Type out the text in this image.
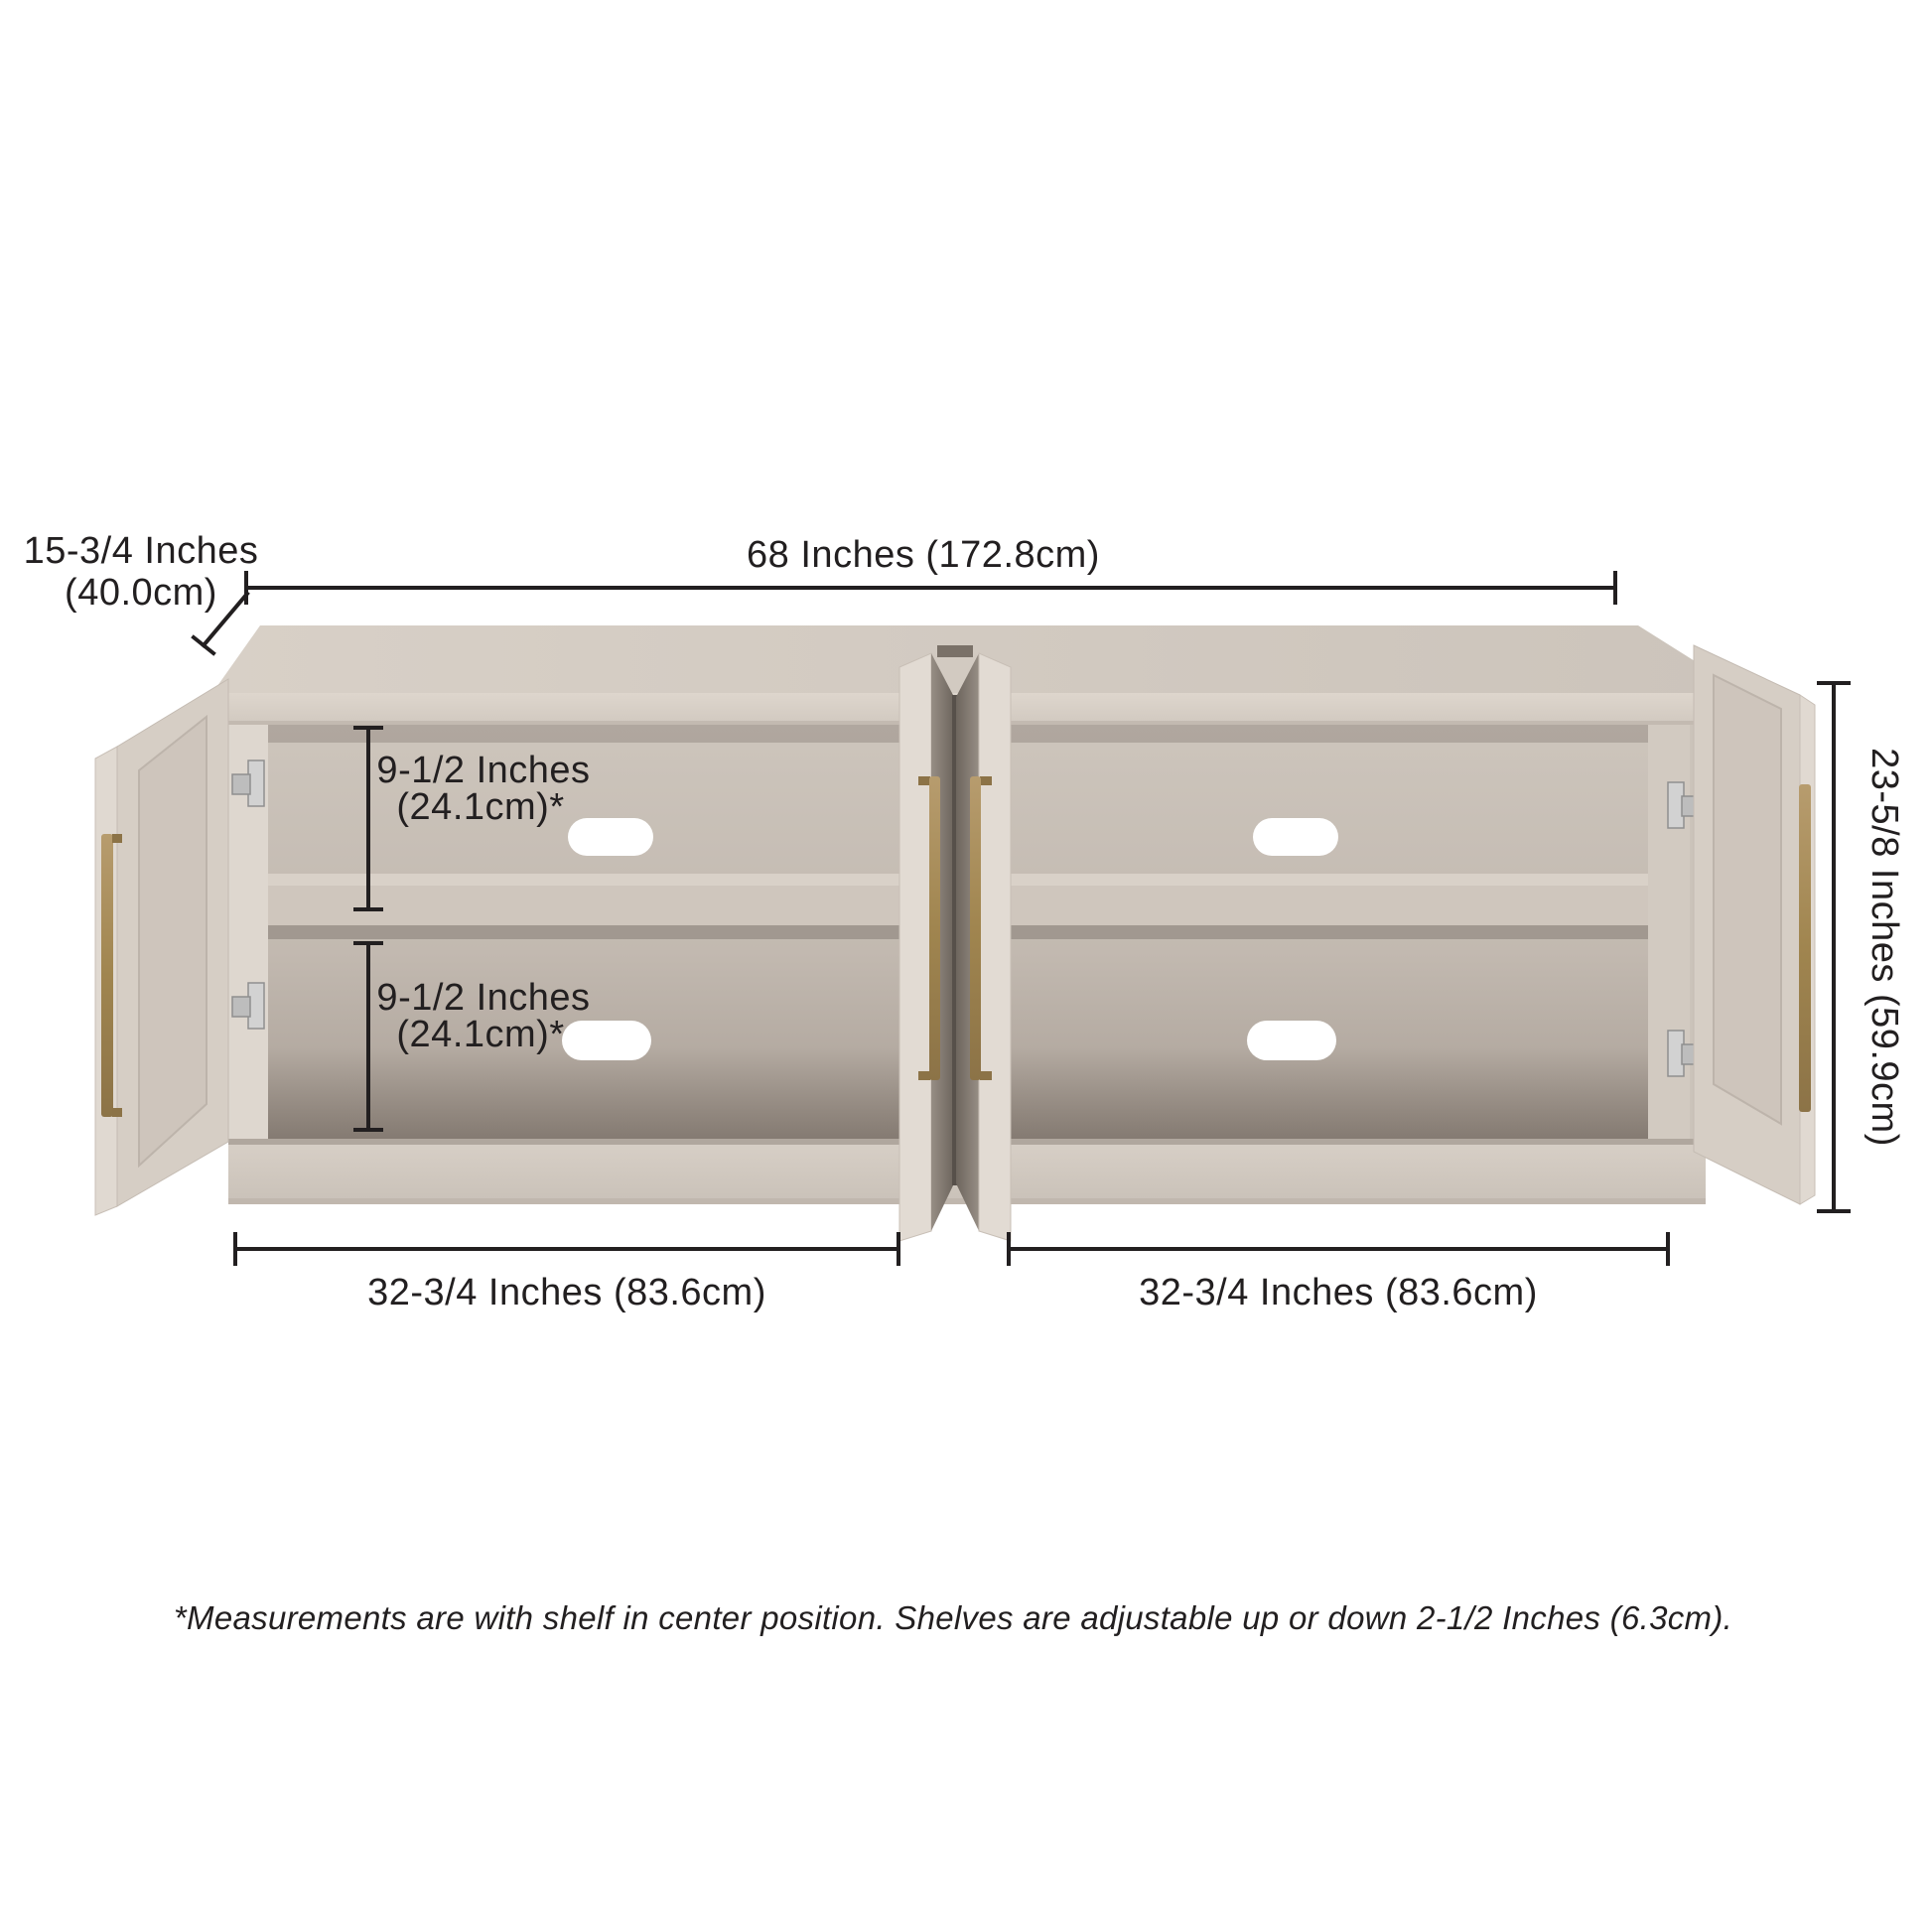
15-3/4 Inches
(40.0cm)
68 Inches (172.8cm)
23-5/8 Inches (59.9cm)
9-1/2 Inches
(24.1cm)*
9-1/2 Inches
(24.1cm)*
32-3/4 Inches (83.6cm)	32-3/4 Inches (83.6cm)
*Measurements are with shelf in center position. Shelves are adjustable up or down 2-1/2 Inches (6.3cm).
